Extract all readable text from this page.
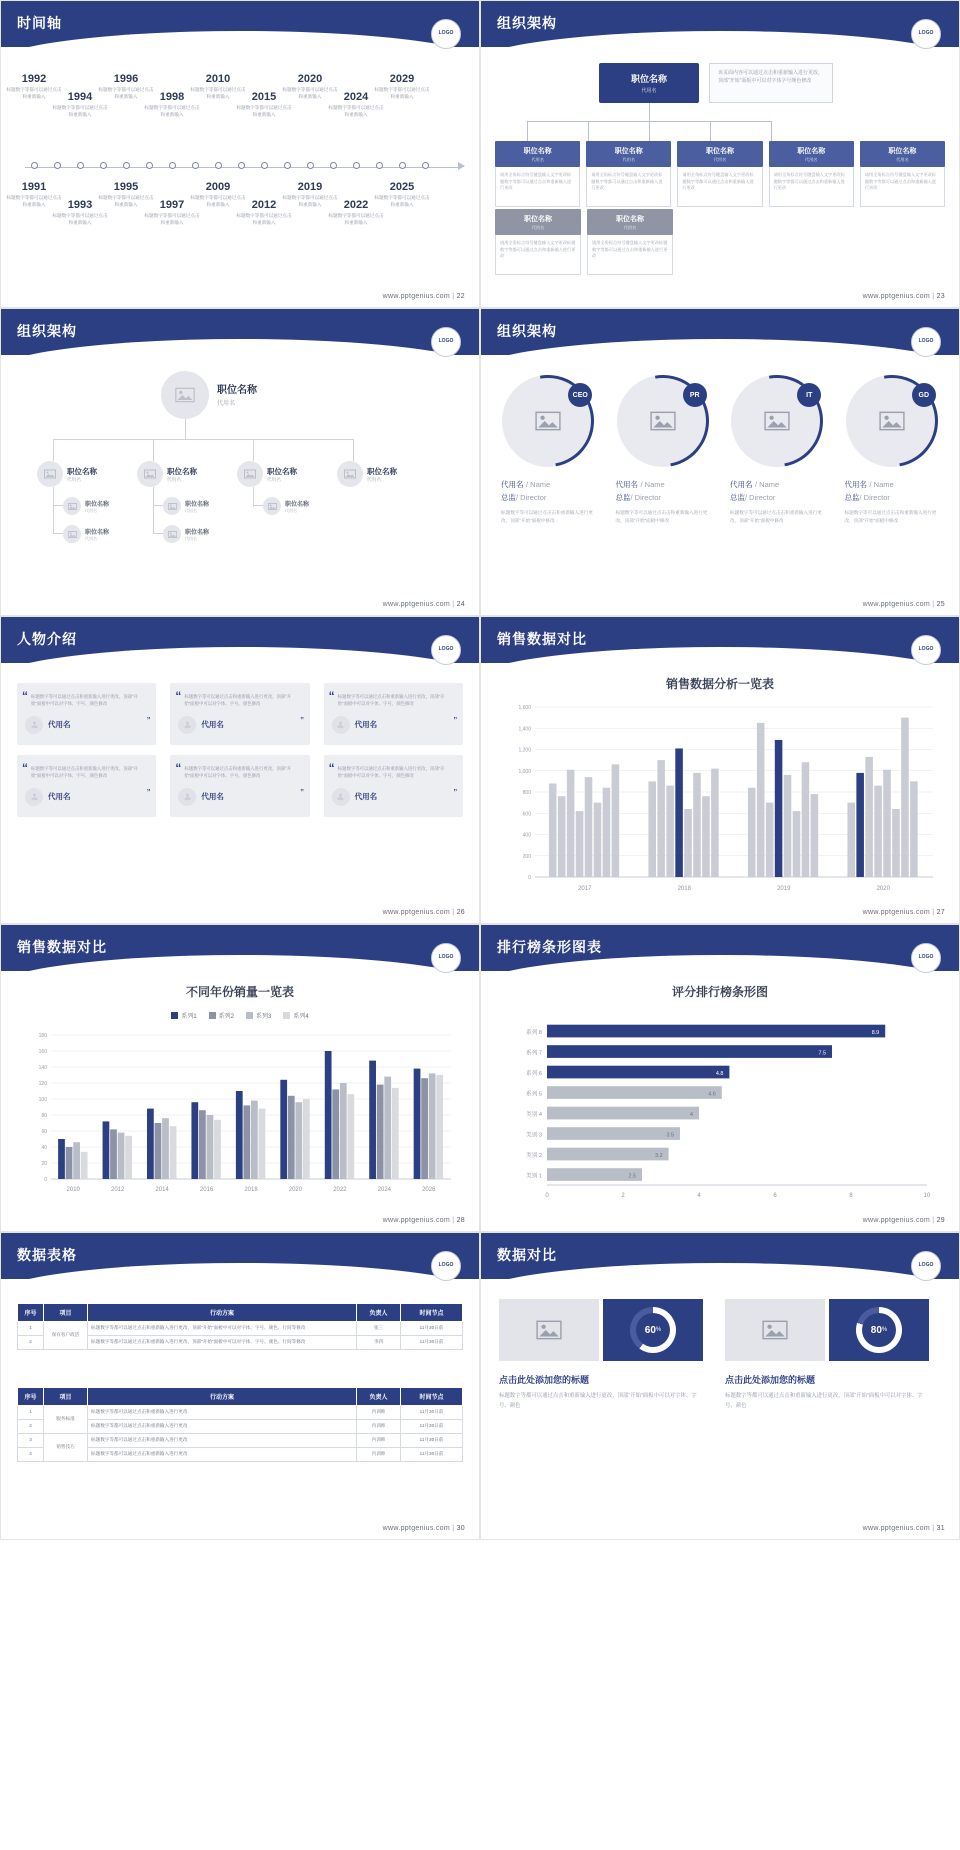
时间轴
LOGO
1992
标题数字等都可以通过点击和重新输入	1994
标题数字等都可以通过点击和重新输入
1996
标题数字等都可以通过点击和重新输入	1998
标题数字等都可以通过点击和重新输入
2010
标题数字等都可以通过点击和重新输入	2015
标题数字等都可以通过点击和重新输入
2020
标题数字等都可以通过点击和重新输入	2024
标题数字等都可以通过点击和重新输入
2029
标题数字等都可以通过点击和重新输入
1991
标题数字等都可以通过点击和重新输入	1993
标题数字等都可以通过点击和重新输入
1995
标题数字等都可以通过点击和重新输入	1997
标题数字等都可以通过点击和重新输入
2009
标题数字等都可以通过点击和重新输入	2012
标题数字等都可以通过点击和重新输入
2019
标题数字等都可以通过点击和重新输入	2022
标题数字等都可以通过点击和重新输入
2025
标题数字等都可以通过点击和重新输入
www.pptgenius.com | 22
组织架构
LOGO
职位名称
代用名
该页面内容可以通过点击和重新输入进行更改，顶部“开始”面板中可以对字体字号颜色修改
职位名称
代用名
请用全角标点符号键盘输入文字更改标题数字等都可以通过点击和重新输入进行更改
职位名称
代用名
请用全角标点符号键盘输入文字更改标题数字等都可以通过点击和重新输入进行更改
职位名称
代用名
请用全角标点符号键盘输入文字更改标题数字等都可以通过点击和重新输入进行更改
职位名称
代用名
请用全角标点符号键盘输入文字更改标题数字等都可以通过点击和重新输入进行更改
职位名称
代用名
请用全角标点符号键盘输入文字更改标题数字等都可以通过点击和重新输入进行更改
职位名称
代用名
请用全角标点符号键盘输入文字更改标题数字等都可以通过点击和重新输入进行更改
职位名称
代用名
请用全角标点符号键盘输入文字更改标题数字等都可以通过点击和重新输入进行更改
www.pptgenius.com | 23
组织架构
LOGO
职位名称
代用名
职位名称
代用名
职位名称
代用名
职位名称
代用名
职位名称
代用名
职位名称
代用名
职位名称
代用名
职位名称
代用名
职位名称
代用名
职位名称
代用名
www.pptgenius.com | 24
组织架构
LOGO
CEO
代用名 / Name
总监/ Director
标题数字等可以通过点击击和重新输入进行更改，顶部“开始”面板中修改
PR
代用名 / Name
总监/ Director
标题数字等可以通过点击击和重新输入进行更改，顶部“开始”面板中修改
IT
代用名 / Name
总监/ Director
标题数字等可以通过点击击和重新输入进行更改，顶部“开始”面板中修改
GD
代用名 / Name
总监/ Director
标题数字等可以通过点击击和重新输入进行更改，顶部“开始”面板中修改
www.pptgenius.com | 25
人物介绍
LOGO
“
”
标题数字等可以通过点击和重新输入进行更改，顶部“开始”面板中可以对字体、字号、颜色修改
代用名
“
”
标题数字等可以通过点击和重新输入进行更改，顶部“开始”面板中可以对字体、字号、颜色修改
代用名
“
”
标题数字等可以通过点击和重新输入进行更改，顶部“开始”面板中可以对字体、字号、颜色修改
代用名
“
”
标题数字等可以通过点击和重新输入进行更改，顶部“开始”面板中可以对字体、字号、颜色修改
代用名
“
”
标题数字等可以通过点击和重新输入进行更改，顶部“开始”面板中可以对字体、字号、颜色修改
代用名
“
”
标题数字等可以通过点击和重新输入进行更改，顶部“开始”面板中可以对字体、字号、颜色修改
代用名
www.pptgenius.com | 26
销售数据对比
LOGO
销售数据分析一览表
0
200
400
600
800
1,000
1,200
1,400
1,600
2017	2018	2019	2020
www.pptgenius.com | 27
销售数据对比
LOGO
不同年份销量一览表
系列1	系列2	系列3	系列4
0
20
40
60
80
100
120
140
160
180
2010	2012	2014	2016	2018	2020	2022	2024	2026
www.pptgenius.com | 28
排行榜条形图表
LOGO
评分排行榜条形图
系列 8	8.9
系列 7	7.5
系列 6	4.8
系列 5	4.6
类别 4	4
类别 3	3.5
类别 2	3.2
类别 1	2.5
0	2	4	6	8	10
www.pptgenius.com | 29
数据表格
LOGO
序号	项目	行动方案	负责人	时间节点
1	保有客户政活	标题数字等都可以通过点击和重新输入进行更改，顶部“开始”面板中可以对字体、字号、颜色、行间等修改	张三	11月30日前
2		标题数字等都可以通过点击和重新输入进行更改，顶部“开始”面板中可以对字体、字号、颜色、行间等修改	李四	11月30日前
序号	项目	行动方案	负责人	时间节点
1	服务标准	标题数字等都可以通过点击和重新输入进行更改	内训师	11月30日前
2		标题数字等都可以通过点击和重新输入进行更改	内训师	11月30日前
3	销售技巧	标题数字等都可以通过点击和重新输入进行更改	内训师	11月30日前
4		标题数字等都可以通过点击和重新输入进行更改	内训师	11月30日前
www.pptgenius.com | 30
数据对比
LOGO
60 %
点击此处添加您的标题
标题数字等都可以通过点击和重新输入进行更改，顶部“开始”面板中可以对字体、字号、颜色
80 %
点击此处添加您的标题
标题数字等都可以通过点击和重新输入进行更改，顶部“开始”面板中可以对字体、字号、颜色
www.pptgenius.com | 31
